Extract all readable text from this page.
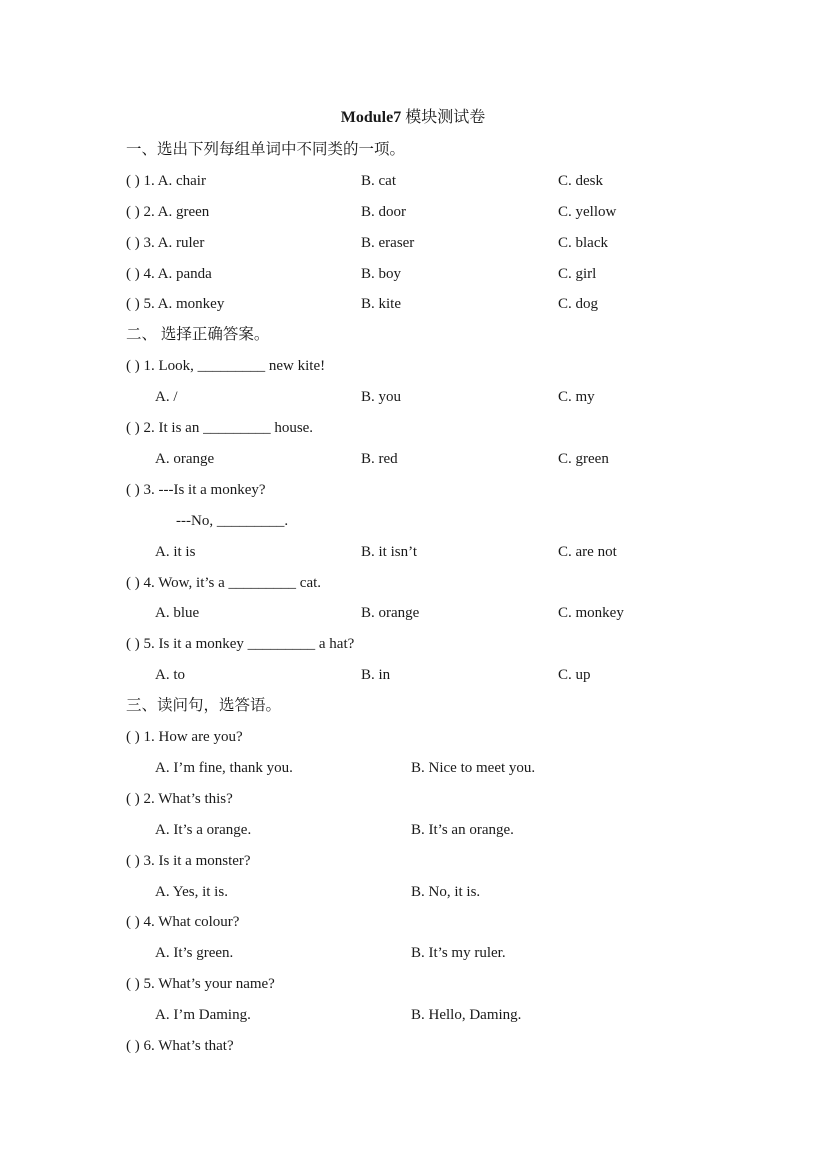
Module7 模块测试卷
一、选出下列每组单词中不同类的一项。
( ) 1. A. chair	B. cat	C. desk
( ) 2. A. green	B. door	C. yellow
( ) 3. A. ruler	B. eraser	C. black
( ) 4. A. panda	B. boy	C. girl
( ) 5. A. monkey	B. kite	C. dog
二、 选择正确答案。
( ) 1. Look, _________ new kite!
A. /	B. you	C. my
( ) 2. It is an _________ house.
A. orange	B. red	C. green
( ) 3. ---Is it a monkey?
---No, _________.
A. it is	B. it isn’t	C. are not
( ) 4. Wow, it’s a _________ cat.
A. blue	B. orange	C. monkey
( ) 5. Is it a monkey _________ a hat?
A. to	B. in	C. up
三、读问句，选答语。
( ) 1. How are you?
A. I’m fine, thank you.	B. Nice to meet you.
( ) 2. What’s this?
A. It’s a orange.	B. It’s an orange.
( ) 3. Is it a monster?
A. Yes, it is.	B. No, it is.
( ) 4. What colour?
A. It’s green.	B. It’s my ruler.
( ) 5. What’s your name?
A. I’m Daming.	B. Hello, Daming.
( ) 6. What’s that?
